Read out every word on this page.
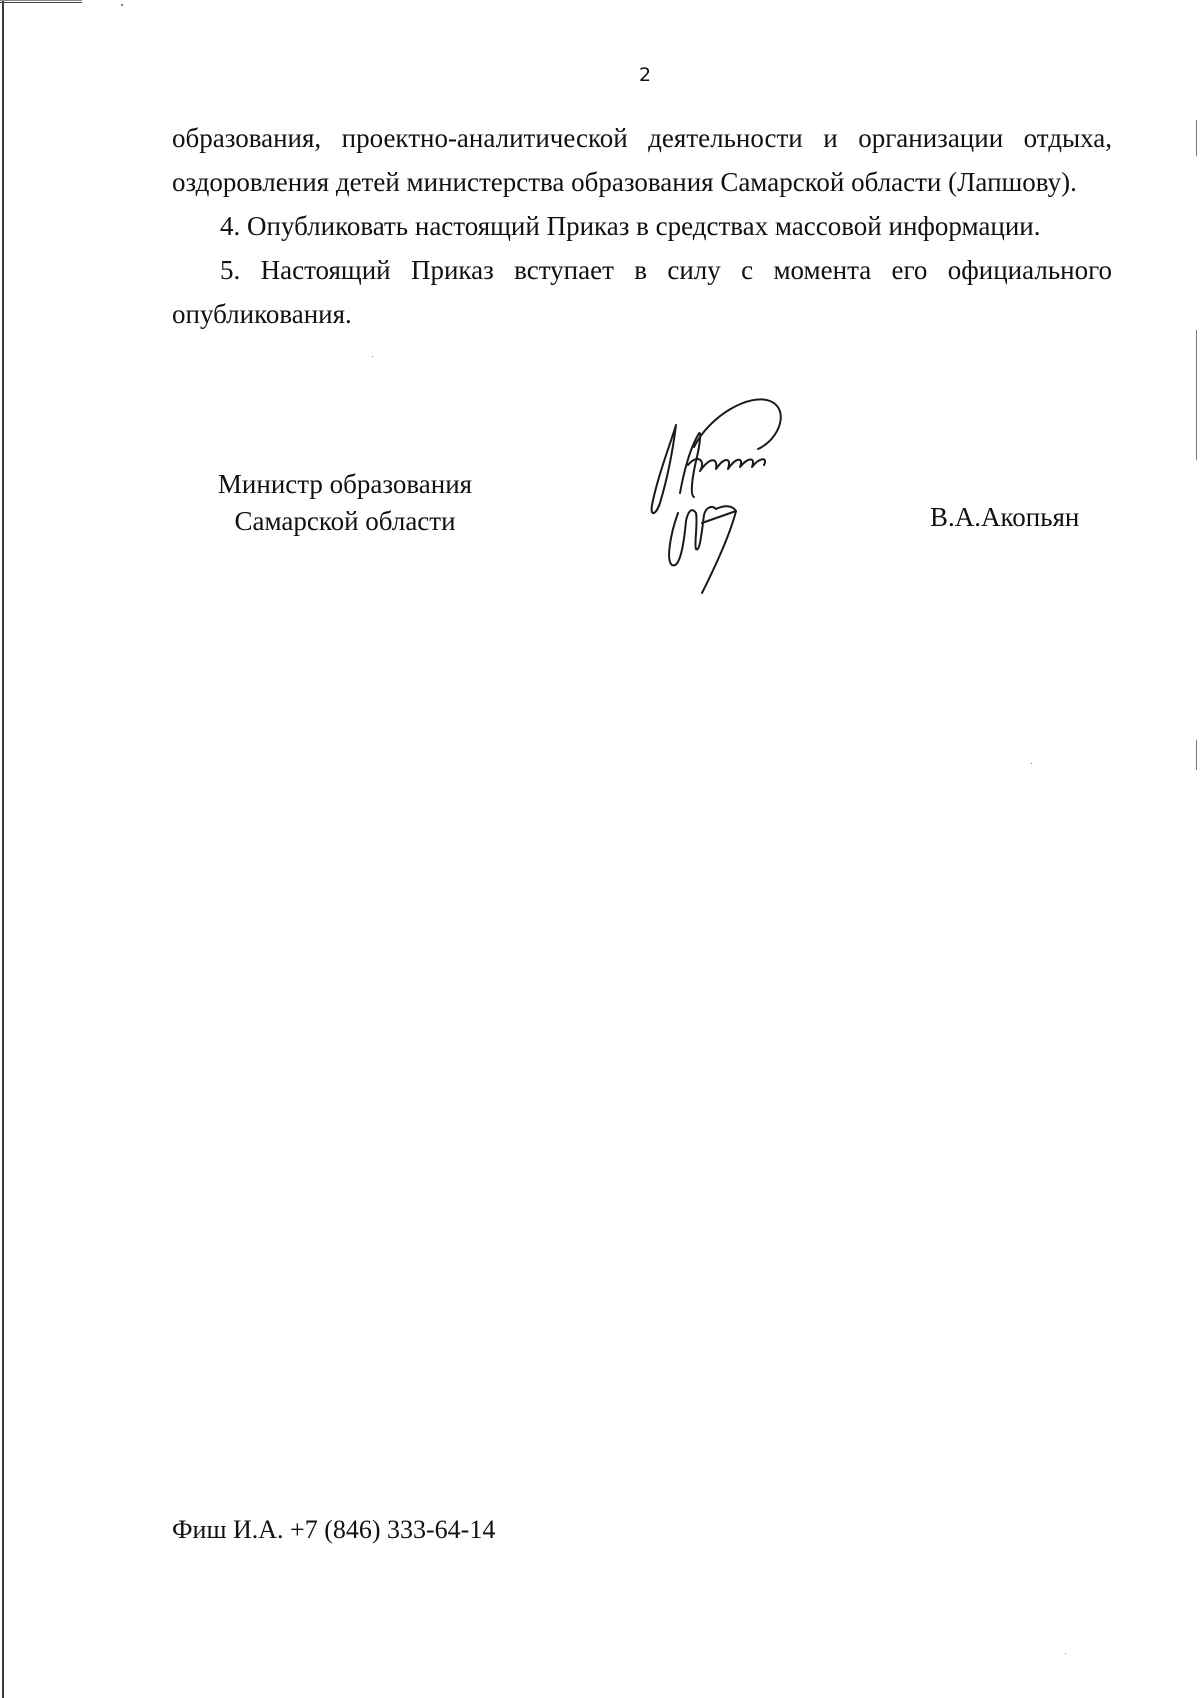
2

образования, проектно-аналитической деятельности и организации отдыха,

оздоровления детей министерства образования Самарской области (Лапшову).

4. Опубликовать настоящий Приказ в средствах массовой информации.

5. Настоящий Приказ вступает в силу с момента его официального

опубликования.

Министр образования
Самарской области	В.А.Акопьян
Фиш И.А. +7 (846) 333-64-14
